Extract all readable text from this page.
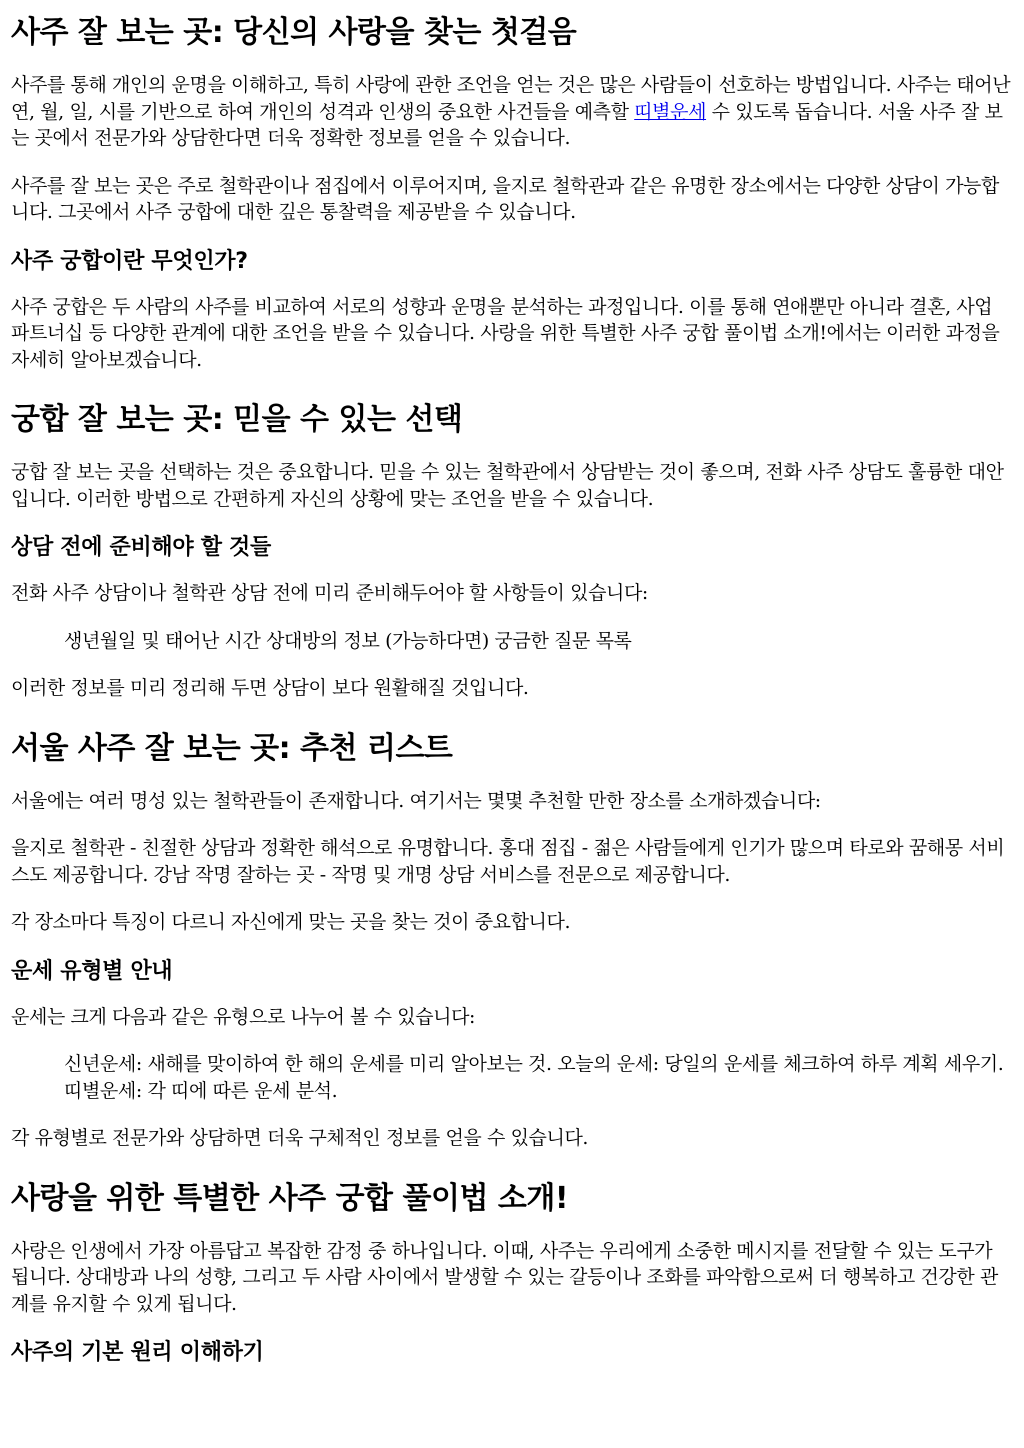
사주 잘 보는 곳: 당신의 사랑을 찾는 첫걸음

사주를 통해 개인의 운명을 이해하고, 특히 사랑에 관한 조언을 얻는 것은 많은 사람들이 선호하는 방법입니다. 사주는 태어난 연, 월, 일, 시를 기반으로 하여 개인의 성격과 인생의 중요한 사건들을 예측할 띠별운세 수 있도록 돕습니다. 서울 사주 잘 보는 곳에서 전문가와 상담한다면 더욱 정확한 정보를 얻을 수 있습니다.

사주를 잘 보는 곳은 주로 철학관이나 점집에서 이루어지며, 을지로 철학관과 같은 유명한 장소에서는 다양한 상담이 가능합니다. 그곳에서 사주 궁합에 대한 깊은 통찰력을 제공받을 수 있습니다.

사주 궁합이란 무엇인가?

사주 궁합은 두 사람의 사주를 비교하여 서로의 성향과 운명을 분석하는 과정입니다. 이를 통해 연애뿐만 아니라 결혼, 사업 파트너십 등 다양한 관계에 대한 조언을 받을 수 있습니다. 사랑을 위한 특별한 사주 궁합 풀이법 소개!에서는 이러한 과정을 자세히 알아보겠습니다.

궁합 잘 보는 곳: 믿을 수 있는 선택

궁합 잘 보는 곳을 선택하는 것은 중요합니다. 믿을 수 있는 철학관에서 상담받는 것이 좋으며, 전화 사주 상담도 훌륭한 대안입니다. 이러한 방법으로 간편하게 자신의 상황에 맞는 조언을 받을 수 있습니다.

상담 전에 준비해야 할 것들

전화 사주 상담이나 철학관 상담 전에 미리 준비해두어야 할 사항들이 있습니다:

생년월일 및 태어난 시간 상대방의 정보 (가능하다면) 궁금한 질문 목록

이러한 정보를 미리 정리해 두면 상담이 보다 원활해질 것입니다.

서울 사주 잘 보는 곳: 추천 리스트

서울에는 여러 명성 있는 철학관들이 존재합니다. 여기서는 몇몇 추천할 만한 장소를 소개하겠습니다:

을지로 철학관 - 친절한 상담과 정확한 해석으로 유명합니다. 홍대 점집 - 젊은 사람들에게 인기가 많으며 타로와 꿈해몽 서비스도 제공합니다. 강남 작명 잘하는 곳 - 작명 및 개명 상담 서비스를 전문으로 제공합니다.

각 장소마다 특징이 다르니 자신에게 맞는 곳을 찾는 것이 중요합니다.

운세 유형별 안내

운세는 크게 다음과 같은 유형으로 나누어 볼 수 있습니다:

신년운세: 새해를 맞이하여 한 해의 운세를 미리 알아보는 것. 오늘의 운세: 당일의 운세를 체크하여 하루 계획 세우기. 띠별운세: 각 띠에 따른 운세 분석.

각 유형별로 전문가와 상담하면 더욱 구체적인 정보를 얻을 수 있습니다.

사랑을 위한 특별한 사주 궁합 풀이법 소개!

사랑은 인생에서 가장 아름답고 복잡한 감정 중 하나입니다. 이때, 사주는 우리에게 소중한 메시지를 전달할 수 있는 도구가 됩니다. 상대방과 나의 성향, 그리고 두 사람 사이에서 발생할 수 있는 갈등이나 조화를 파악함으로써 더 행복하고 건강한 관계를 유지할 수 있게 됩니다.

사주의 기본 원리 이해하기
